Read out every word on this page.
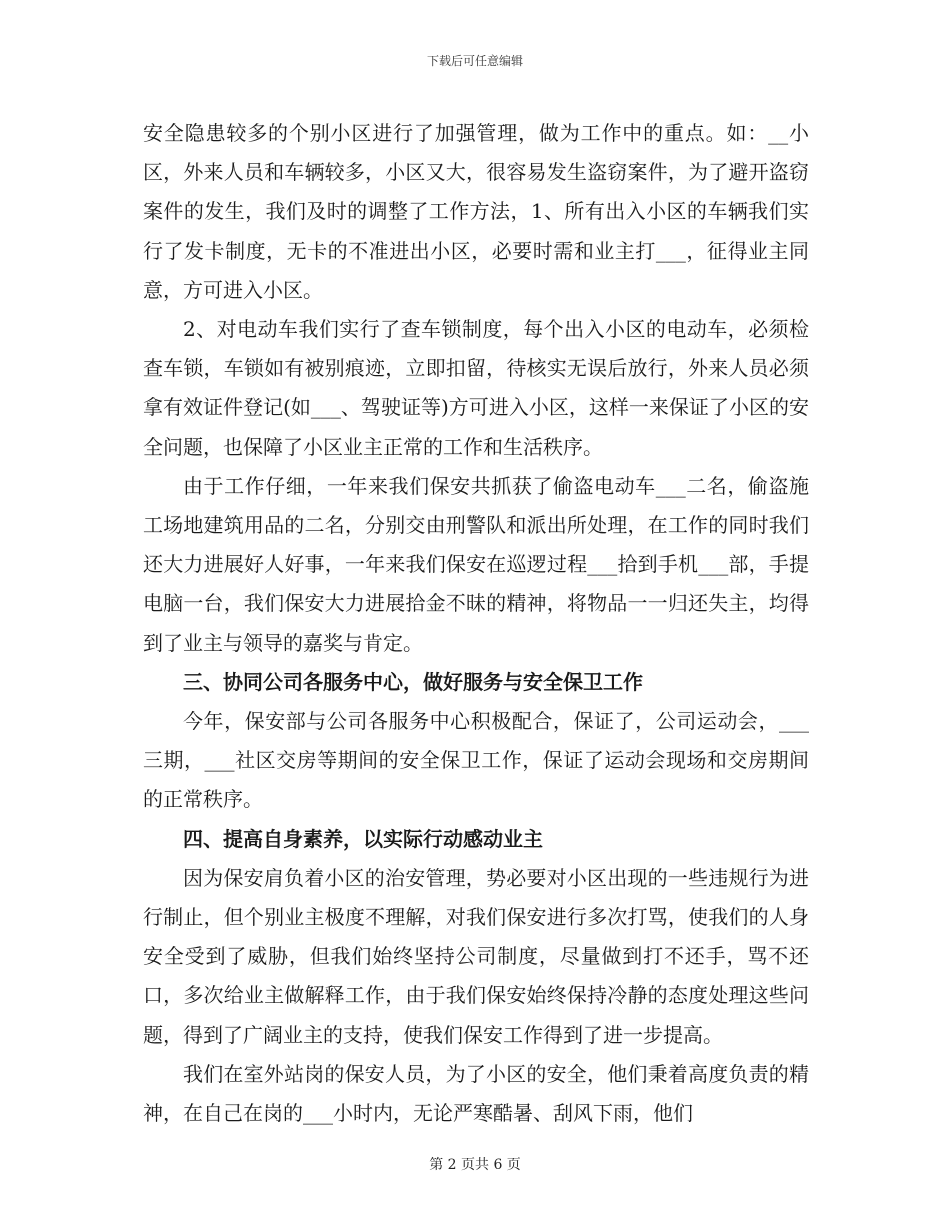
下载后可任意编辑

安全隐患较多的个别小区进行了加强管理，做为工作中的重点。如：__小区，外来人员和车辆较多，小区又大，很容易发生盗窃案件，为了避开盗窃案件的发生，我们及时的调整了工作方法，1、所有出入小区的车辆我们实行了发卡制度，无卡的不准进出小区，必要时需和业主打___，征得业主同意，方可进入小区。

2、对电动车我们实行了查车锁制度，每个出入小区的电动车，必须检查车锁，车锁如有被别痕迹，立即扣留，待核实无误后放行，外来人员必须拿有效证件登记(如___、驾驶证等)方可进入小区，这样一来保证了小区的安全问题，也保障了小区业主正常的工作和生活秩序。

由于工作仔细，一年来我们保安共抓获了偷盗电动车___二名，偷盗施工场地建筑用品的二名，分别交由刑警队和派出所处理，在工作的同时我们还大力进展好人好事，一年来我们保安在巡逻过程___拾到手机___部，手提电脑一台，我们保安大力进展拾金不昧的精神，将物品一一归还失主，均得到了业主与领导的嘉奖与肯定。

三、协同公司各服务中心，做好服务与安全保卫工作

今年，保安部与公司各服务中心积极配合，保证了，公司运动会，___三期，___社区交房等期间的安全保卫工作，保证了运动会现场和交房期间的正常秩序。

四、提高自身素养，以实际行动感动业主

因为保安肩负着小区的治安管理，势必要对小区出现的一些违规行为进行制止，但个别业主极度不理解，对我们保安进行多次打骂，使我们的人身安全受到了威胁，但我们始终坚持公司制度，尽量做到打不还手，骂不还口，多次给业主做解释工作，由于我们保安始终保持冷静的态度处理这些问题，得到了广阔业主的支持，使我们保安工作得到了进一步提高。

我们在室外站岗的保安人员，为了小区的安全，他们秉着高度负责的精神，在自己在岗的___小时内，无论严寒酷暑、刮风下雨，他们

第 2 页共 6 页
